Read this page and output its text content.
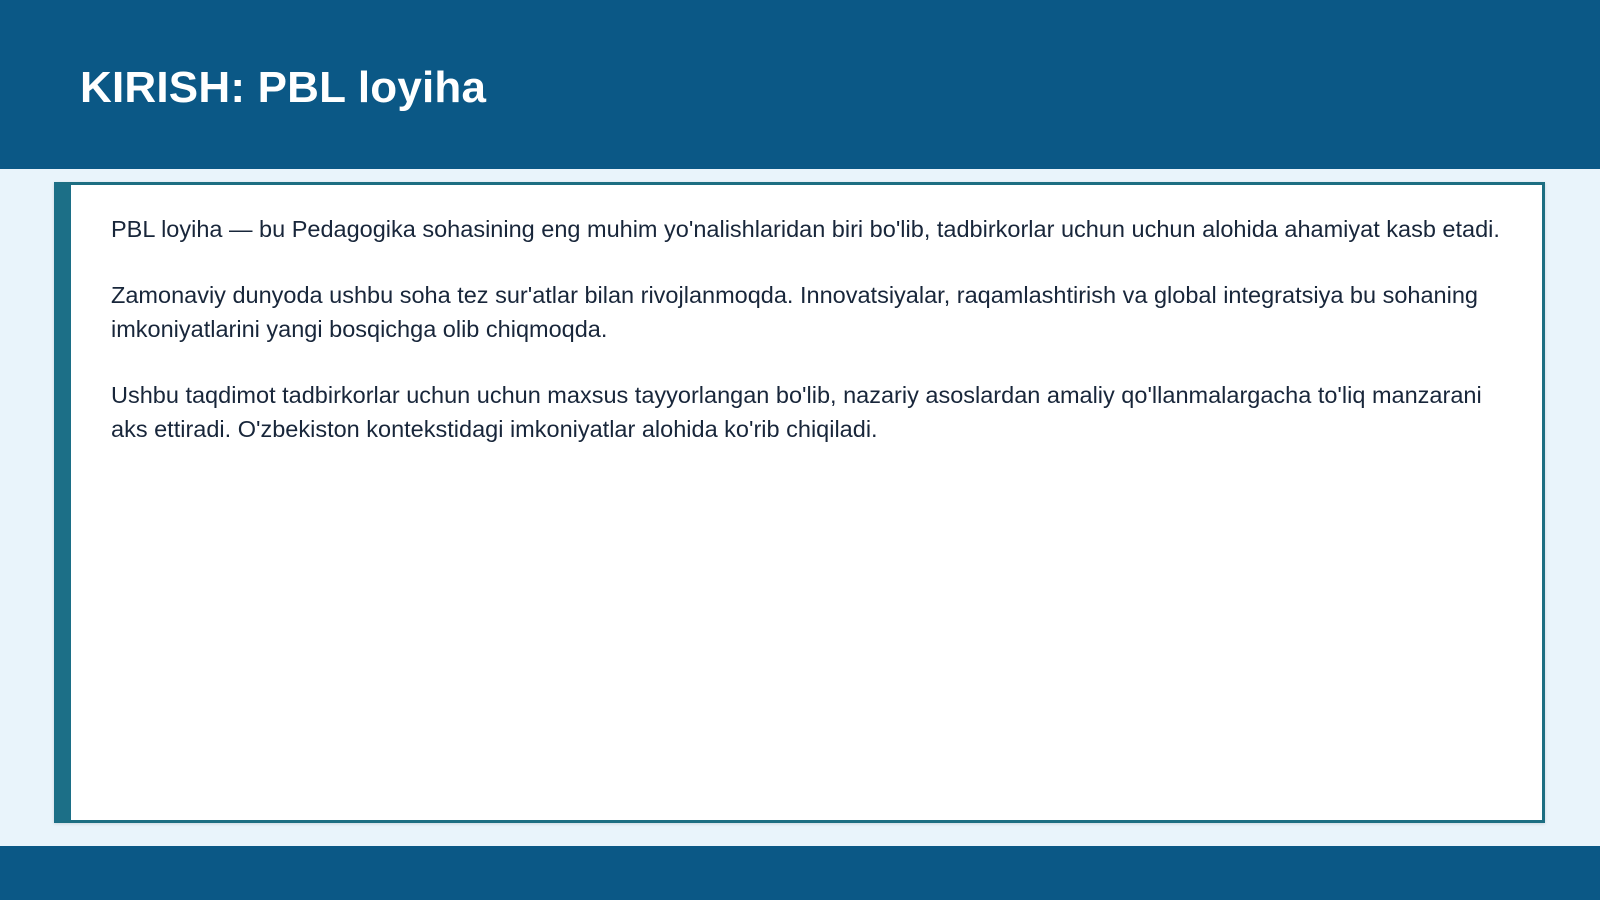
KIRISH: PBL loyiha

PBL loyiha — bu Pedagogika sohasining eng muhim yo'nalishlaridan biri bo'lib, tadbirkorlar uchun uchun alohida ahamiyat kasb etadi.

Zamonaviy dunyoda ushbu soha tez sur'atlar bilan rivojlanmoqda. Innovatsiyalar, raqamlashtirish va global integratsiya bu sohaning imkoniyatlarini yangi bosqichga olib chiqmoqda.

Ushbu taqdimot tadbirkorlar uchun uchun maxsus tayyorlangan bo'lib, nazariy asoslardan amaliy qo'llanmalargacha to'liq manzarani aks ettiradi. O'zbekiston kontekstidagi imkoniyatlar alohida ko'rib chiqiladi.
